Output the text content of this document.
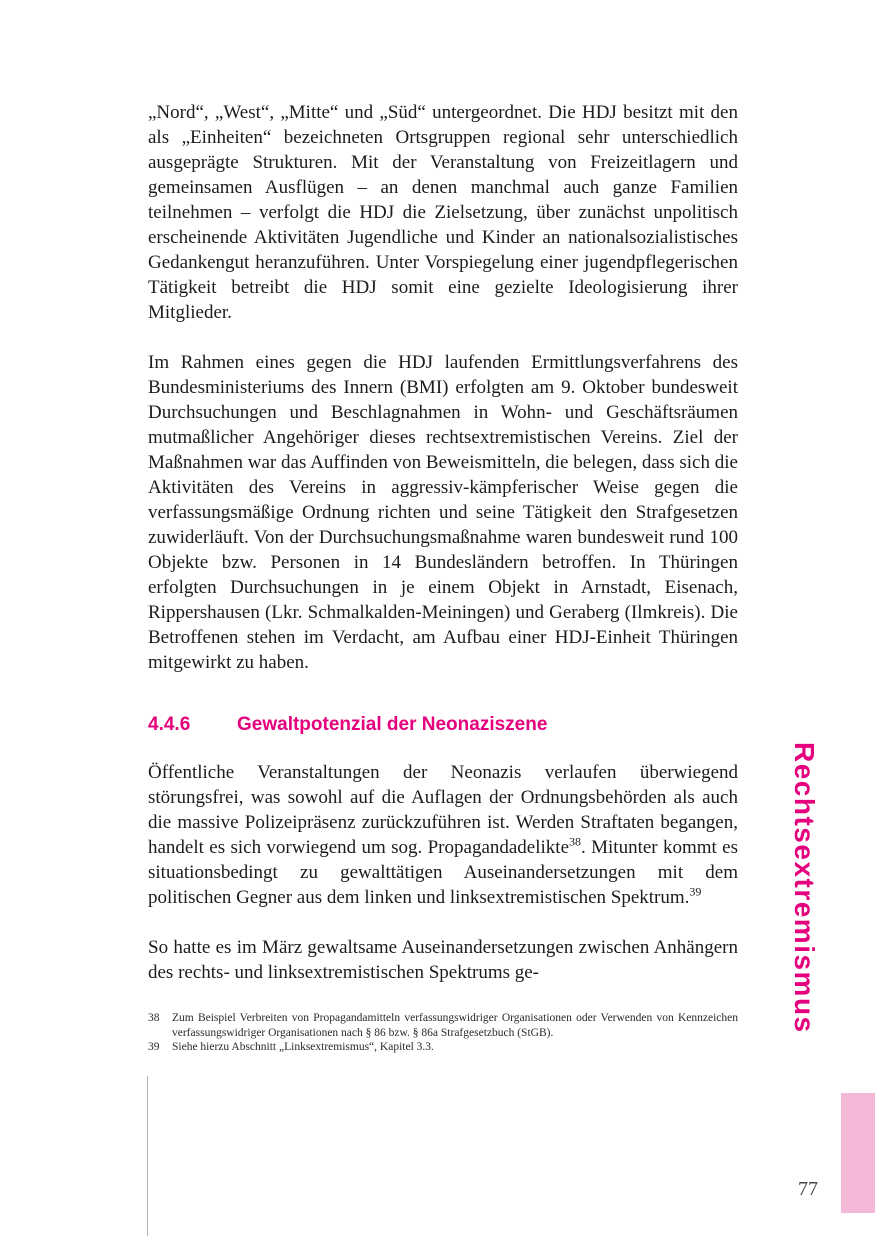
„Nord“, „West“, „Mitte“ und „Süd“ untergeordnet. Die HDJ besitzt mit den als „Einheiten“ bezeichneten Ortsgruppen regional sehr unterschiedlich ausgeprägte Strukturen. Mit der Veranstaltung von Freizeitlagern und gemeinsamen Ausflügen – an denen manchmal auch ganze Familien teilnehmen – verfolgt die HDJ die Zielsetzung, über zunächst unpolitisch erscheinende Aktivitäten Jugendliche und Kinder an nationalsozialistisches Gedankengut heranzuführen. Unter Vorspiegelung einer jugendpflegerischen Tätigkeit betreibt die HDJ somit eine gezielte Ideologisierung ihrer Mitglieder.

Im Rahmen eines gegen die HDJ laufenden Ermittlungsverfahrens des Bundesministeriums des Innern (BMI) erfolgten am 9. Oktober bundesweit Durchsuchungen und Beschlagnahmen in Wohn- und Geschäftsräumen mutmaßlicher Angehöriger dieses rechtsextremistischen Vereins. Ziel der Maßnahmen war das Auffinden von Beweismitteln, die belegen, dass sich die Aktivitäten des Vereins in aggressiv-kämpferischer Weise gegen die verfassungsmäßige Ordnung richten und seine Tätigkeit den Strafgesetzen zuwiderläuft. Von der Durchsuchungsmaßnahme waren bundesweit rund 100 Objekte bzw. Personen in 14 Bundesländern betroffen. In Thüringen erfolgten Durchsuchungen in je einem Objekt in Arnstadt, Eisenach, Rippershausen (Lkr. Schmalkalden-Meiningen) und Geraberg (Ilmkreis). Die Betroffenen stehen im Verdacht, am Aufbau einer HDJ-Einheit Thüringen mitgewirkt zu haben.

4.4.6	Gewaltpotenzial der Neonaziszene

Öffentliche Veranstaltungen der Neonazis verlaufen überwiegend störungsfrei, was sowohl auf die Auflagen der Ordnungsbehörden als auch die massive Polizeipräsenz zurückzuführen ist. Werden Straftaten begangen, handelt es sich vorwiegend um sog. Propagandadelikte$^{38}$. Mitunter kommt es situationsbedingt zu gewalttätigen Auseinandersetzungen mit dem politischen Gegner aus dem linken und linksextremistischen Spektrum.$^{39}$

So hatte es im März gewaltsame Auseinandersetzungen zwischen Anhängern des rechts- und linksextremistischen Spektrums ge-

38	Zum Beispiel Verbreiten von Propagandamitteln verfassungswidriger Organisationen oder Verwenden von Kennzeichen verfassungswidriger Organisationen nach § 86 bzw. § 86a Strafgesetzbuch (StGB).
39	Siehe hierzu Abschnitt „Linksextremismus“, Kapitel 3.3.
Rechtsextremismus
77
